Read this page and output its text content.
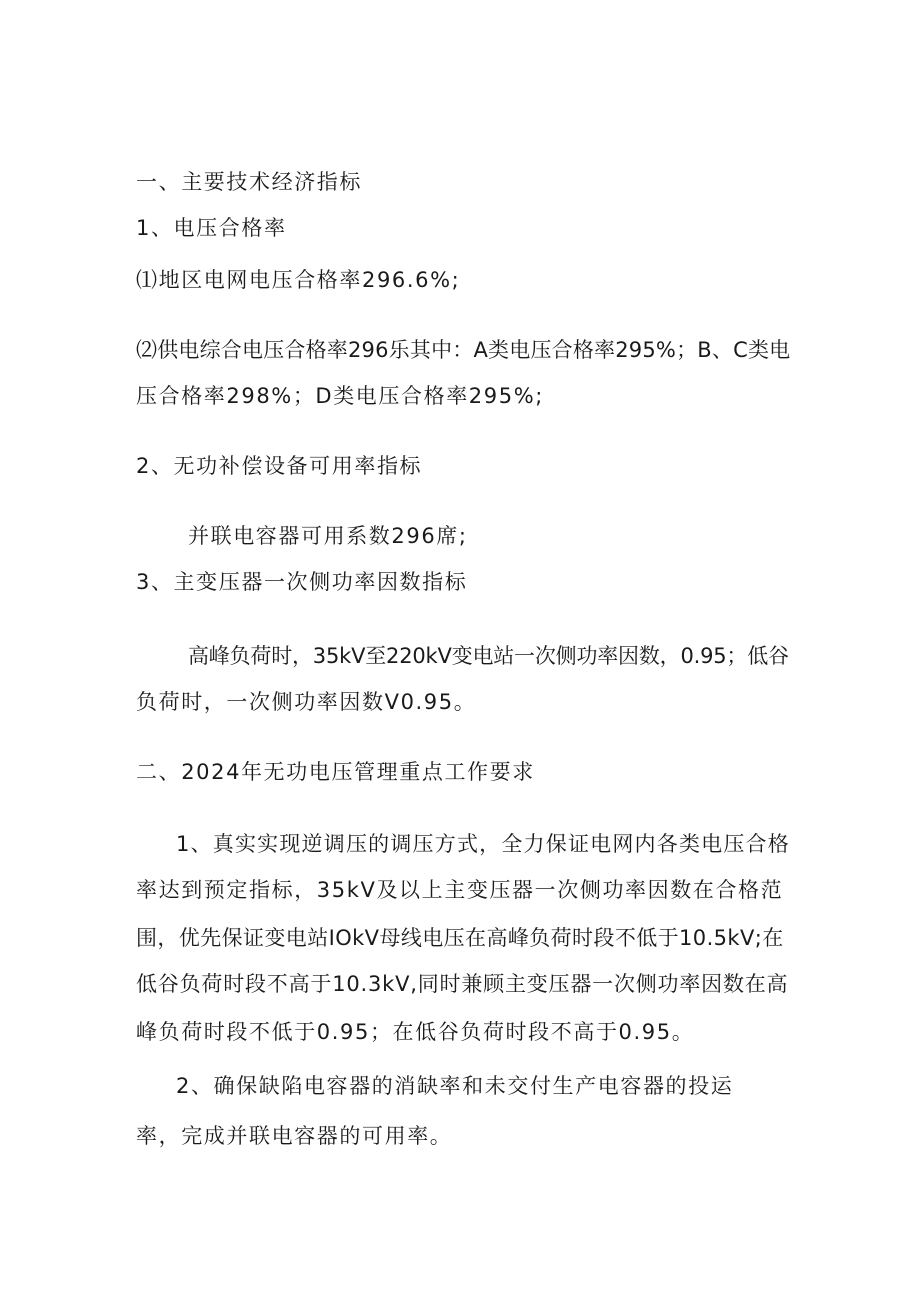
一、主要技术经济指标
1、电压合格率
⑴地区电网电压合格率296.6%;
⑵供电综合电压合格率296乐其中：A类电压合格率295%；B、C类电
压合格率298%；D类电压合格率295%;
2、无功补偿设备可用率指标
并联电容器可用系数296席;
3、主变压器一次侧功率因数指标
高峰负荷时，35kV至220kV变电站一次侧功率因数，0.95；低谷
负荷时，一次侧功率因数V0.95。
二、2024年无功电压管理重点工作要求
1、真实实现逆调压的调压方式，全力保证电网内各类电压合格
率达到预定指标，35kV及以上主变压器一次侧功率因数在合格范
围，优先保证变电站IOkV母线电压在高峰负荷时段不低于10.5kV;在
低谷负荷时段不高于10.3kV,同时兼顾主变压器一次侧功率因数在高
峰负荷时段不低于0.95；在低谷负荷时段不高于0.95。
2、确保缺陷电容器的消缺率和未交付生产电容器的投运
率，完成并联电容器的可用率。
